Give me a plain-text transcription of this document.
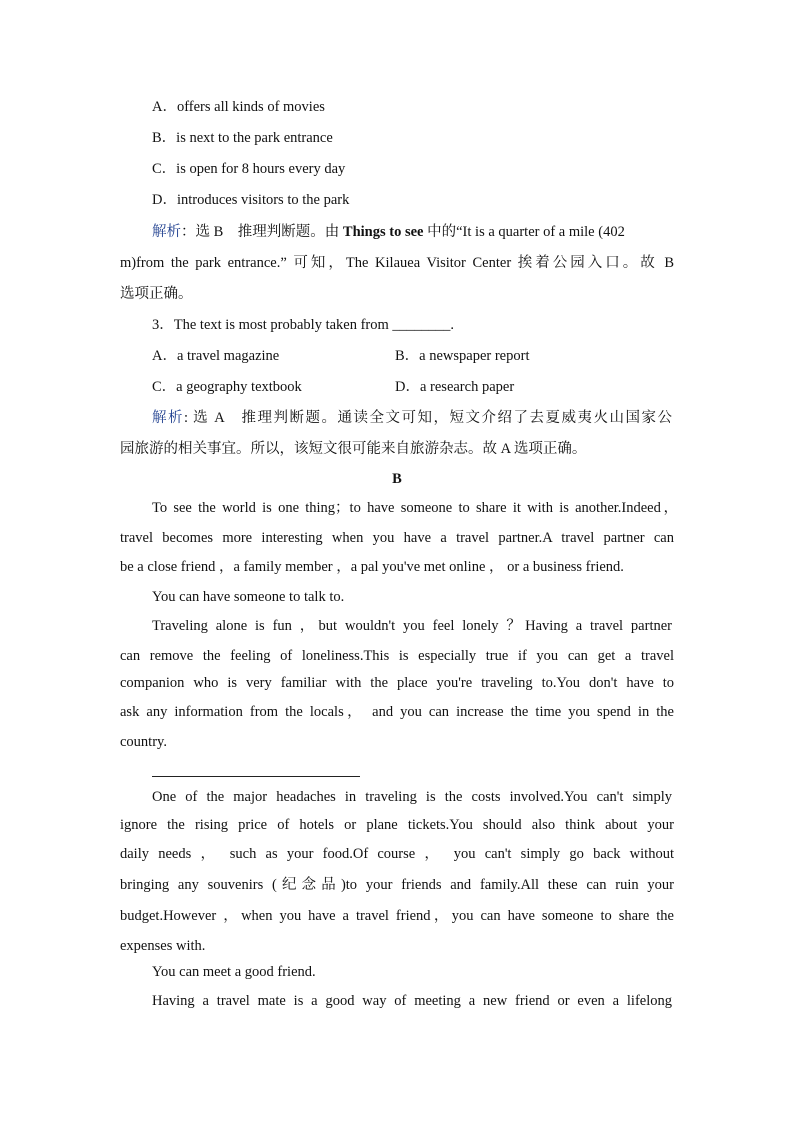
A．offers all kinds of movies
B．is next to the park entrance
C．is open for 8 hours every day
D．introduces visitors to the park
解析：选 B　推理判断题。由 Things to see 中的“It is a quarter of a mile (402
m)from the park entrance.” 可知，The Kilauea Visitor Center 挨着公园入口。故 B
选项正确。
3．The text is most probably taken from ________.
A．a travel magazine	B．a newspaper report
C．a geography textbook	D．a research paper
解析: 选 A　推理判断题。通读全文可知，短文介绍了去夏威夷火山国家公
园旅游的相关事宜。所以，该短文很可能来自旅游杂志。故 A 选项正确。
B
To see the world is one thing；to have someone to share it with is another.Indeed，
travel becomes more interesting when you have a travel partner.A travel partner can
be a close friend ，a family member ，a pal you've met online ， or a business friend.
You can have someone to talk to.
Traveling alone is fun ，but wouldn't you feel lonely ？Having a travel partner
can remove the feeling of loneliness.This is especially true if you can get a travel
companion who is very familiar with the place you're traveling to.You don't have to
ask any information from the locals， and you can increase the time you spend in the
country.
One of the major headaches in traveling is the costs involved.You can't simply
ignore the rising price of hotels or plane tickets.You should also think about your
daily needs ， such as your food.Of course ， you can't simply go back without
bringing any souvenirs (纪念品)to your friends and family.All these can ruin your
budget.However ，when you have a travel friend，you can have someone to share the
expenses with.
You can meet a good friend.
Having a travel mate is a good way of meeting a new friend or even a lifelong
